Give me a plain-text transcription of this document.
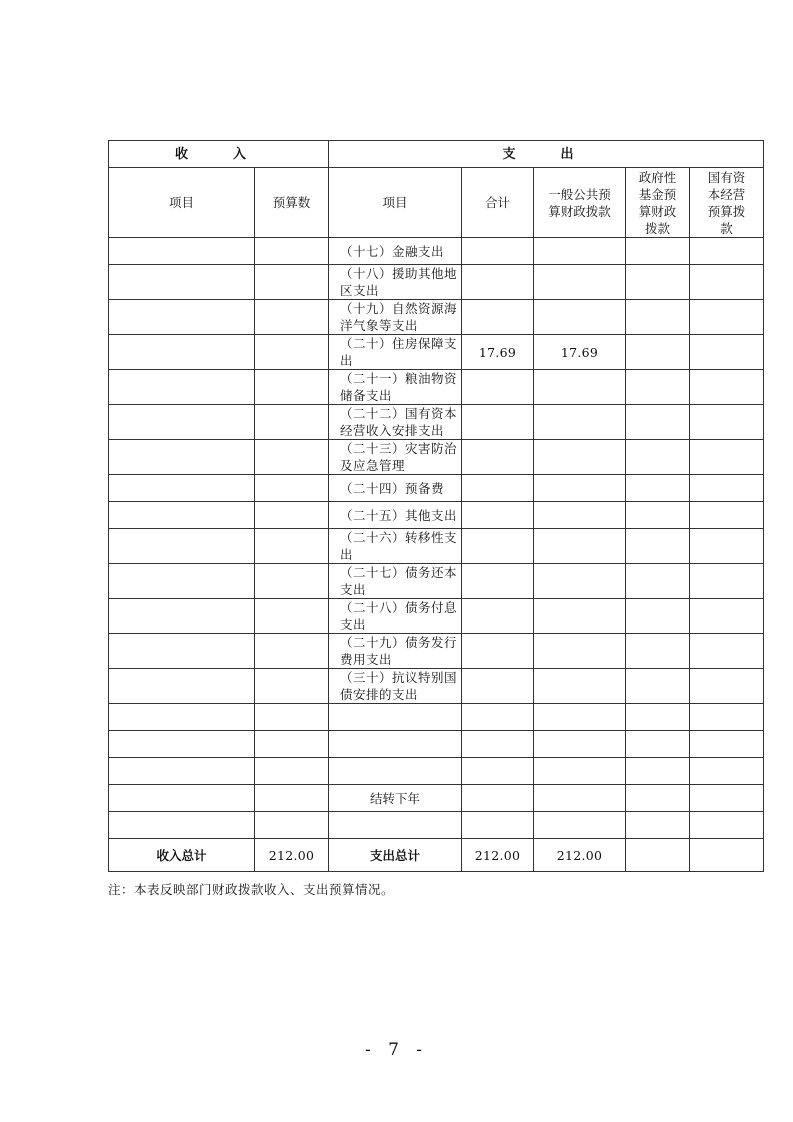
收　入		支　出				
项目	预算数	项目	合计	一般公共预算财政拨款	政府性基金预算财政拨款	国有资本经营预算拨款
		（十七）金融支出				
		（十八）援助其他地区支出				
		（十九）自然资源海洋气象等支出				
		（二十）住房保障支出	17.69	17.69		
		（二十一）粮油物资储备支出				
		（二十二）国有资本经营收入安排支出				
		（二十三）灾害防治及应急管理				
		（二十四）预备费				
		（二十五）其他支出				
		（二十六）转移性支出				
		（二十七）债务还本支出				
		（二十八）债务付息支出				
		（二十九）债务发行费用支出				
		（三十）抗议特别国债安排的支出				

		结转下年				

收入总计	212.00	支出总计	212.00	212.00		
注：本表反映部门财政拨款收入、支出预算情况。
- 7 -
